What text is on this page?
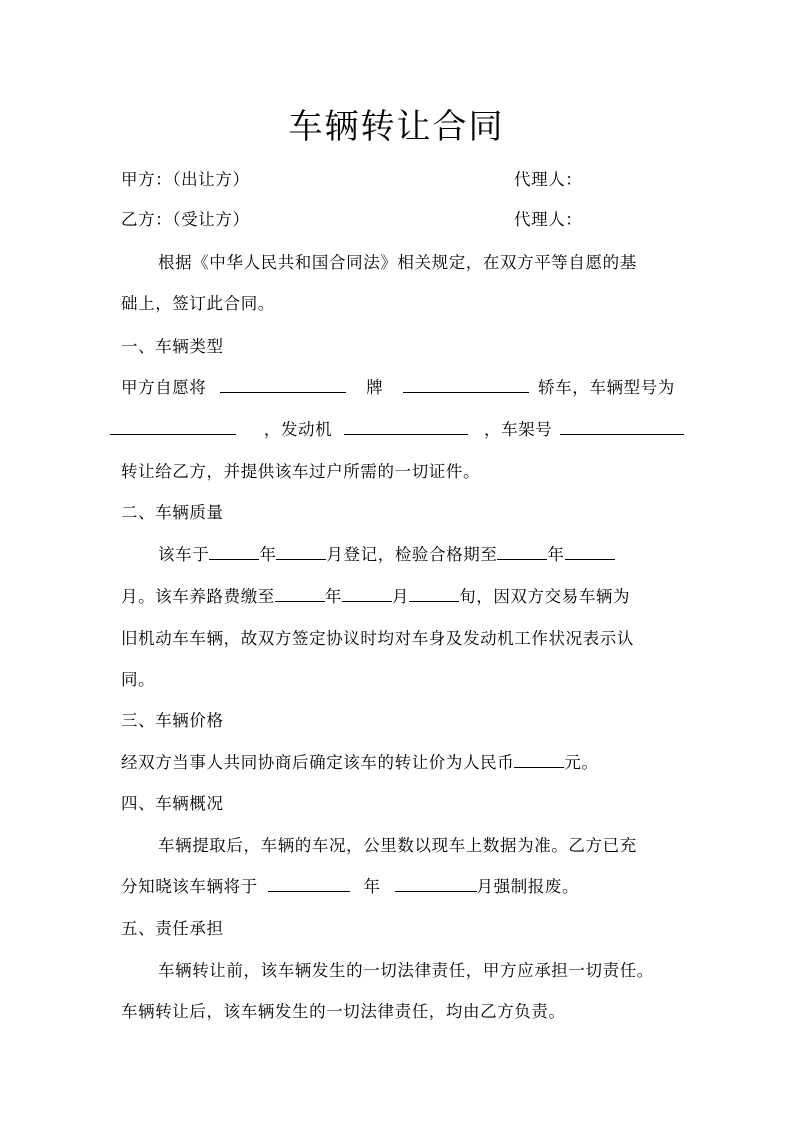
车辆转让合同
甲方：（出让方）	代理人：
乙方：（受让方）	代理人：
根据《中华人民共和国合同法》相关规定，在双方平等自愿的基
础上，签订此合同。
一、车辆类型
甲方自愿将	牌	轿车，车辆型号为
，发动机	，车架号
转让给乙方，并提供该车过户所需的一切证件。
二、车辆质量
该车于	年	月登记，检验合格期至	年
月。该车养路费缴至	年	月	旬，因双方交易车辆为
旧机动车车辆，故双方签定协议时均对车身及发动机工作状况表示认
同。
三、车辆价格
经双方当事人共同协商后确定该车的转让价为人民币	元。
四、车辆概况
车辆提取后，车辆的车况，公里数以现车上数据为准。乙方已充
分知晓该车辆将于	年	月强制报废。
五、责任承担
车辆转让前，该车辆发生的一切法律责任，甲方应承担一切责任。
车辆转让后，该车辆发生的一切法律责任，均由乙方负责。
